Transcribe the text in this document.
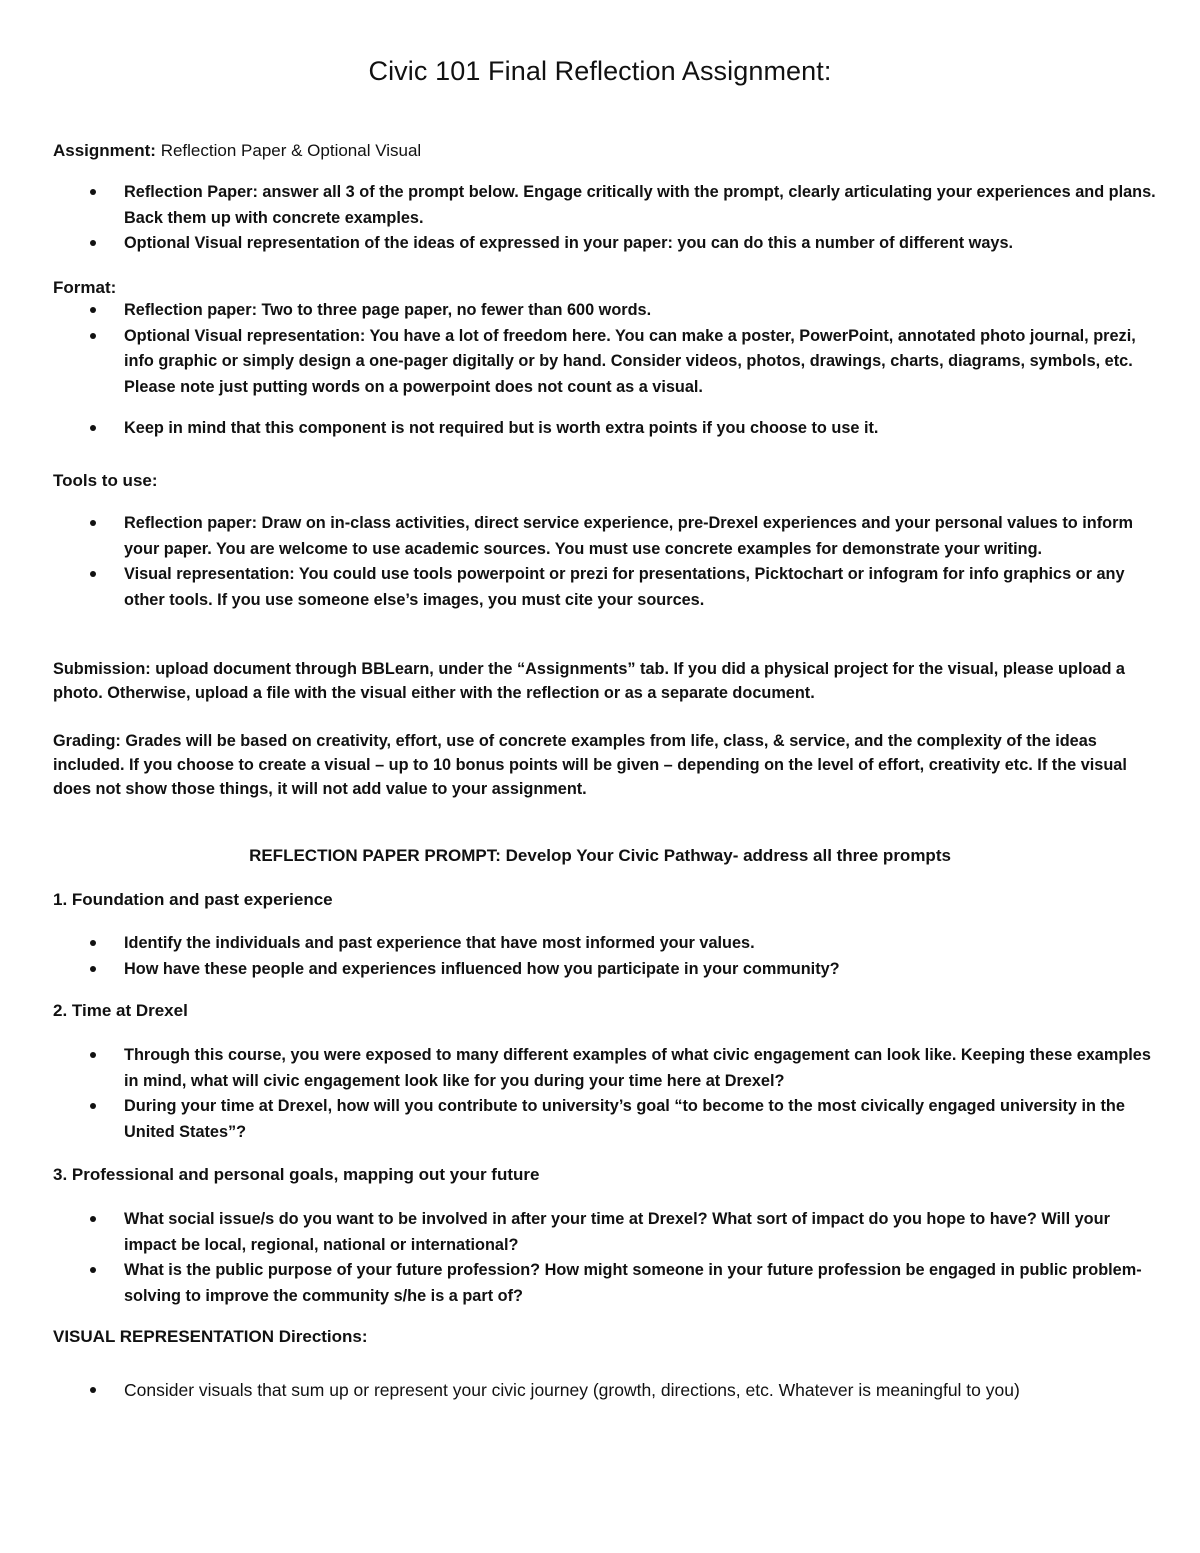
Civic 101 Final Reflection Assignment:

Assignment: Reflection Paper & Optional Visual

Reflection Paper: answer all 3 of the prompt below. Engage critically with the prompt, clearly articulating your experiences and plans. Back them up with concrete examples.
Optional Visual representation of the ideas of expressed in your paper: you can do this a number of different ways.

Format:

Reflection paper: Two to three page paper, no fewer than 600 words.
Optional Visual representation: You have a lot of freedom here. You can make a poster, PowerPoint, annotated photo journal, prezi, info graphic or simply design a one-pager digitally or by hand. Consider videos, photos, drawings, charts, diagrams, symbols, etc. Please note just putting words on a powerpoint does not count as a visual.
Keep in mind that this component is not required but is worth extra points if you choose to use it.

Tools to use:

Reflection paper: Draw on in-class activities, direct service experience, pre-Drexel experiences and your personal values to inform your paper. You are welcome to use academic sources. You must use concrete examples for demonstrate your writing.
Visual representation: You could use tools powerpoint or prezi for presentations, Picktochart or infogram for info graphics or any other tools. If you use someone else’s images, you must cite your sources.

Submission: upload document through BBLearn, under the “Assignments” tab. If you did a physical project for the visual, please upload a photo. Otherwise, upload a file with the visual either with the reflection or as a separate document.

Grading: Grades will be based on creativity, effort, use of concrete examples from life, class, & service, and the complexity of the ideas included. If you choose to create a visual – up to 10 bonus points will be given – depending on the level of effort, creativity etc. If the visual does not show those things, it will not add value to your assignment.

REFLECTION PAPER PROMPT: Develop Your Civic Pathway- address all three prompts

1. Foundation and past experience

Identify the individuals and past experience that have most informed your values.
How have these people and experiences influenced how you participate in your community?

2. Time at Drexel

Through this course, you were exposed to many different examples of what civic engagement can look like. Keeping these examples in mind, what will civic engagement look like for you during your time here at Drexel?
During your time at Drexel, how will you contribute to university’s goal “to become to the most civically engaged university in the United States”?

3. Professional and personal goals, mapping out your future

What social issue/s do you want to be involved in after your time at Drexel? What sort of impact do you hope to have? Will your impact be local, regional, national or international?
What is the public purpose of your future profession? How might someone in your future profession be engaged in public problem-solving to improve the community s/he is a part of?

VISUAL REPRESENTATION Directions:

Consider visuals that sum up or represent your civic journey (growth, directions, etc. Whatever is meaningful to you)
